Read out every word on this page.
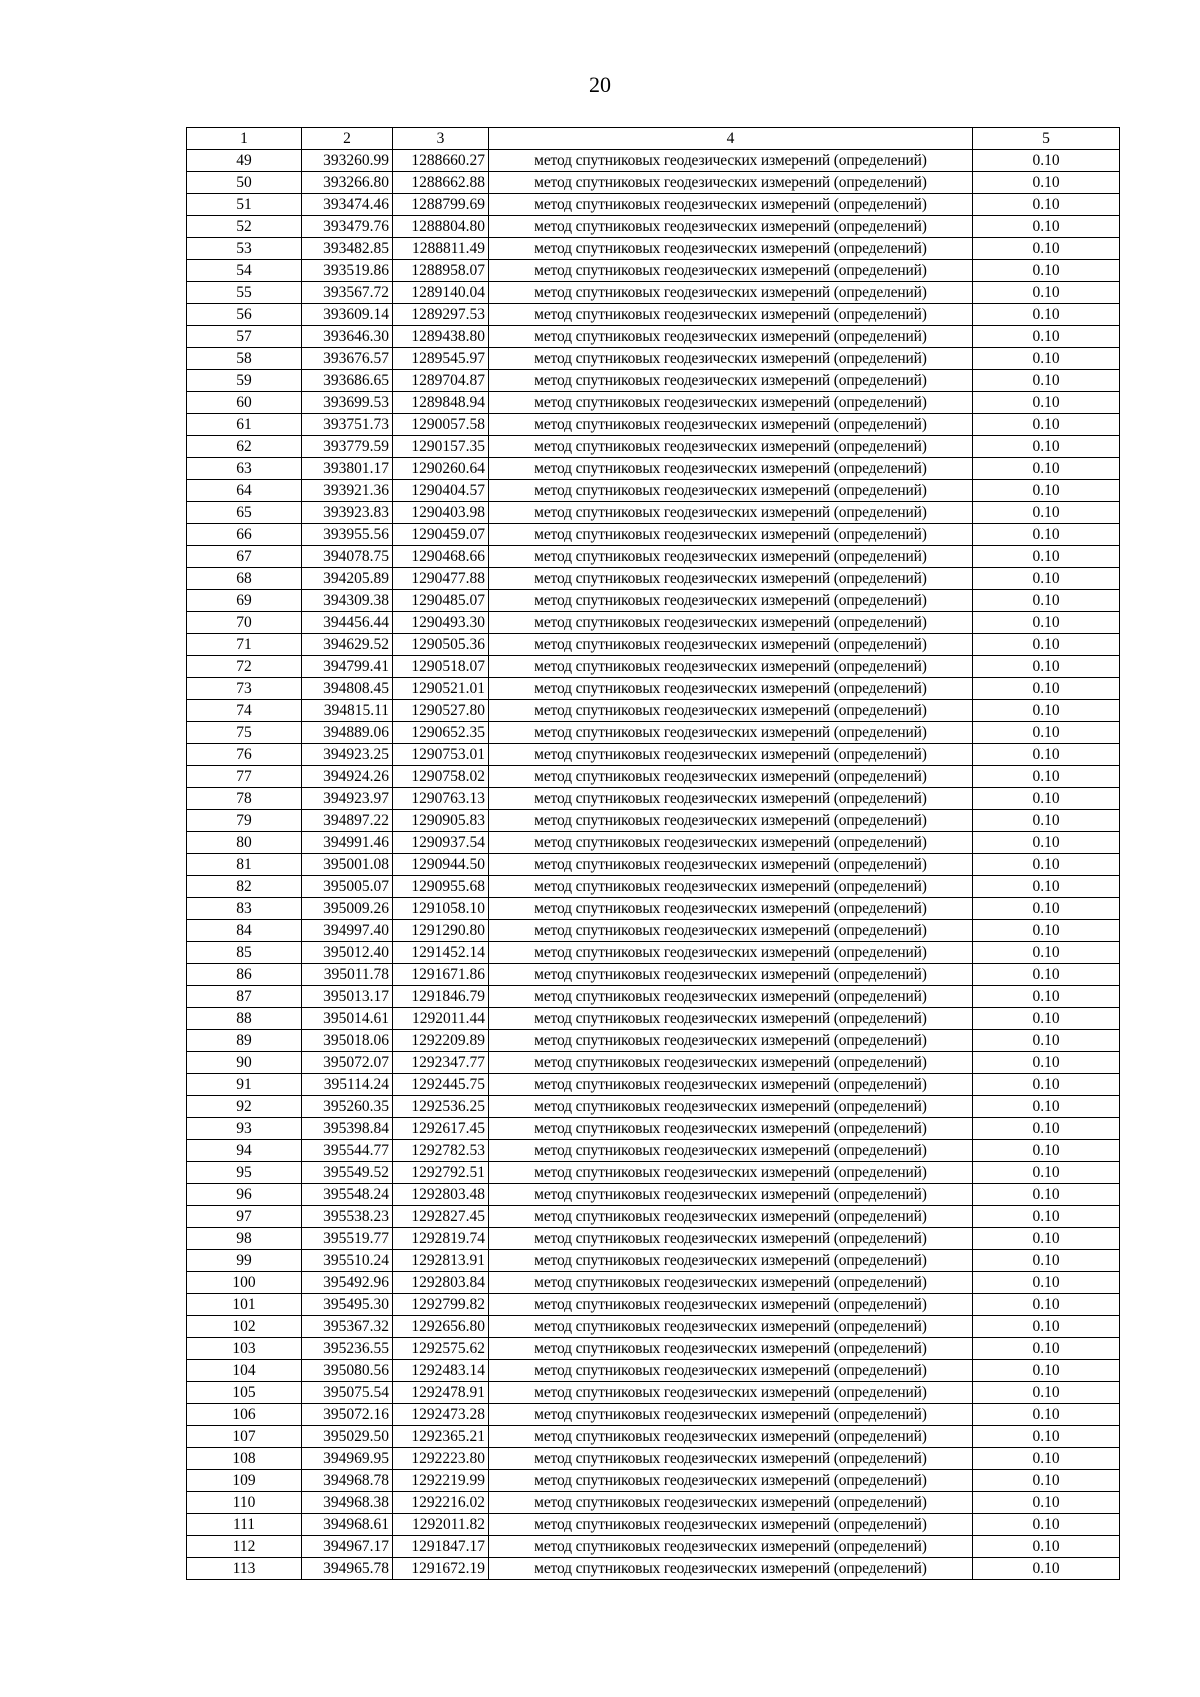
20
1	2	3	4	5
49	393260.99	1288660.27	метод спутниковых геодезических измерений (определений)	0.10
50	393266.80	1288662.88	метод спутниковых геодезических измерений (определений)	0.10
51	393474.46	1288799.69	метод спутниковых геодезических измерений (определений)	0.10
52	393479.76	1288804.80	метод спутниковых геодезических измерений (определений)	0.10
53	393482.85	1288811.49	метод спутниковых геодезических измерений (определений)	0.10
54	393519.86	1288958.07	метод спутниковых геодезических измерений (определений)	0.10
55	393567.72	1289140.04	метод спутниковых геодезических измерений (определений)	0.10
56	393609.14	1289297.53	метод спутниковых геодезических измерений (определений)	0.10
57	393646.30	1289438.80	метод спутниковых геодезических измерений (определений)	0.10
58	393676.57	1289545.97	метод спутниковых геодезических измерений (определений)	0.10
59	393686.65	1289704.87	метод спутниковых геодезических измерений (определений)	0.10
60	393699.53	1289848.94	метод спутниковых геодезических измерений (определений)	0.10
61	393751.73	1290057.58	метод спутниковых геодезических измерений (определений)	0.10
62	393779.59	1290157.35	метод спутниковых геодезических измерений (определений)	0.10
63	393801.17	1290260.64	метод спутниковых геодезических измерений (определений)	0.10
64	393921.36	1290404.57	метод спутниковых геодезических измерений (определений)	0.10
65	393923.83	1290403.98	метод спутниковых геодезических измерений (определений)	0.10
66	393955.56	1290459.07	метод спутниковых геодезических измерений (определений)	0.10
67	394078.75	1290468.66	метод спутниковых геодезических измерений (определений)	0.10
68	394205.89	1290477.88	метод спутниковых геодезических измерений (определений)	0.10
69	394309.38	1290485.07	метод спутниковых геодезических измерений (определений)	0.10
70	394456.44	1290493.30	метод спутниковых геодезических измерений (определений)	0.10
71	394629.52	1290505.36	метод спутниковых геодезических измерений (определений)	0.10
72	394799.41	1290518.07	метод спутниковых геодезических измерений (определений)	0.10
73	394808.45	1290521.01	метод спутниковых геодезических измерений (определений)	0.10
74	394815.11	1290527.80	метод спутниковых геодезических измерений (определений)	0.10
75	394889.06	1290652.35	метод спутниковых геодезических измерений (определений)	0.10
76	394923.25	1290753.01	метод спутниковых геодезических измерений (определений)	0.10
77	394924.26	1290758.02	метод спутниковых геодезических измерений (определений)	0.10
78	394923.97	1290763.13	метод спутниковых геодезических измерений (определений)	0.10
79	394897.22	1290905.83	метод спутниковых геодезических измерений (определений)	0.10
80	394991.46	1290937.54	метод спутниковых геодезических измерений (определений)	0.10
81	395001.08	1290944.50	метод спутниковых геодезических измерений (определений)	0.10
82	395005.07	1290955.68	метод спутниковых геодезических измерений (определений)	0.10
83	395009.26	1291058.10	метод спутниковых геодезических измерений (определений)	0.10
84	394997.40	1291290.80	метод спутниковых геодезических измерений (определений)	0.10
85	395012.40	1291452.14	метод спутниковых геодезических измерений (определений)	0.10
86	395011.78	1291671.86	метод спутниковых геодезических измерений (определений)	0.10
87	395013.17	1291846.79	метод спутниковых геодезических измерений (определений)	0.10
88	395014.61	1292011.44	метод спутниковых геодезических измерений (определений)	0.10
89	395018.06	1292209.89	метод спутниковых геодезических измерений (определений)	0.10
90	395072.07	1292347.77	метод спутниковых геодезических измерений (определений)	0.10
91	395114.24	1292445.75	метод спутниковых геодезических измерений (определений)	0.10
92	395260.35	1292536.25	метод спутниковых геодезических измерений (определений)	0.10
93	395398.84	1292617.45	метод спутниковых геодезических измерений (определений)	0.10
94	395544.77	1292782.53	метод спутниковых геодезических измерений (определений)	0.10
95	395549.52	1292792.51	метод спутниковых геодезических измерений (определений)	0.10
96	395548.24	1292803.48	метод спутниковых геодезических измерений (определений)	0.10
97	395538.23	1292827.45	метод спутниковых геодезических измерений (определений)	0.10
98	395519.77	1292819.74	метод спутниковых геодезических измерений (определений)	0.10
99	395510.24	1292813.91	метод спутниковых геодезических измерений (определений)	0.10
100	395492.96	1292803.84	метод спутниковых геодезических измерений (определений)	0.10
101	395495.30	1292799.82	метод спутниковых геодезических измерений (определений)	0.10
102	395367.32	1292656.80	метод спутниковых геодезических измерений (определений)	0.10
103	395236.55	1292575.62	метод спутниковых геодезических измерений (определений)	0.10
104	395080.56	1292483.14	метод спутниковых геодезических измерений (определений)	0.10
105	395075.54	1292478.91	метод спутниковых геодезических измерений (определений)	0.10
106	395072.16	1292473.28	метод спутниковых геодезических измерений (определений)	0.10
107	395029.50	1292365.21	метод спутниковых геодезических измерений (определений)	0.10
108	394969.95	1292223.80	метод спутниковых геодезических измерений (определений)	0.10
109	394968.78	1292219.99	метод спутниковых геодезических измерений (определений)	0.10
110	394968.38	1292216.02	метод спутниковых геодезических измерений (определений)	0.10
111	394968.61	1292011.82	метод спутниковых геодезических измерений (определений)	0.10
112	394967.17	1291847.17	метод спутниковых геодезических измерений (определений)	0.10
113	394965.78	1291672.19	метод спутниковых геодезических измерений (определений)	0.10
